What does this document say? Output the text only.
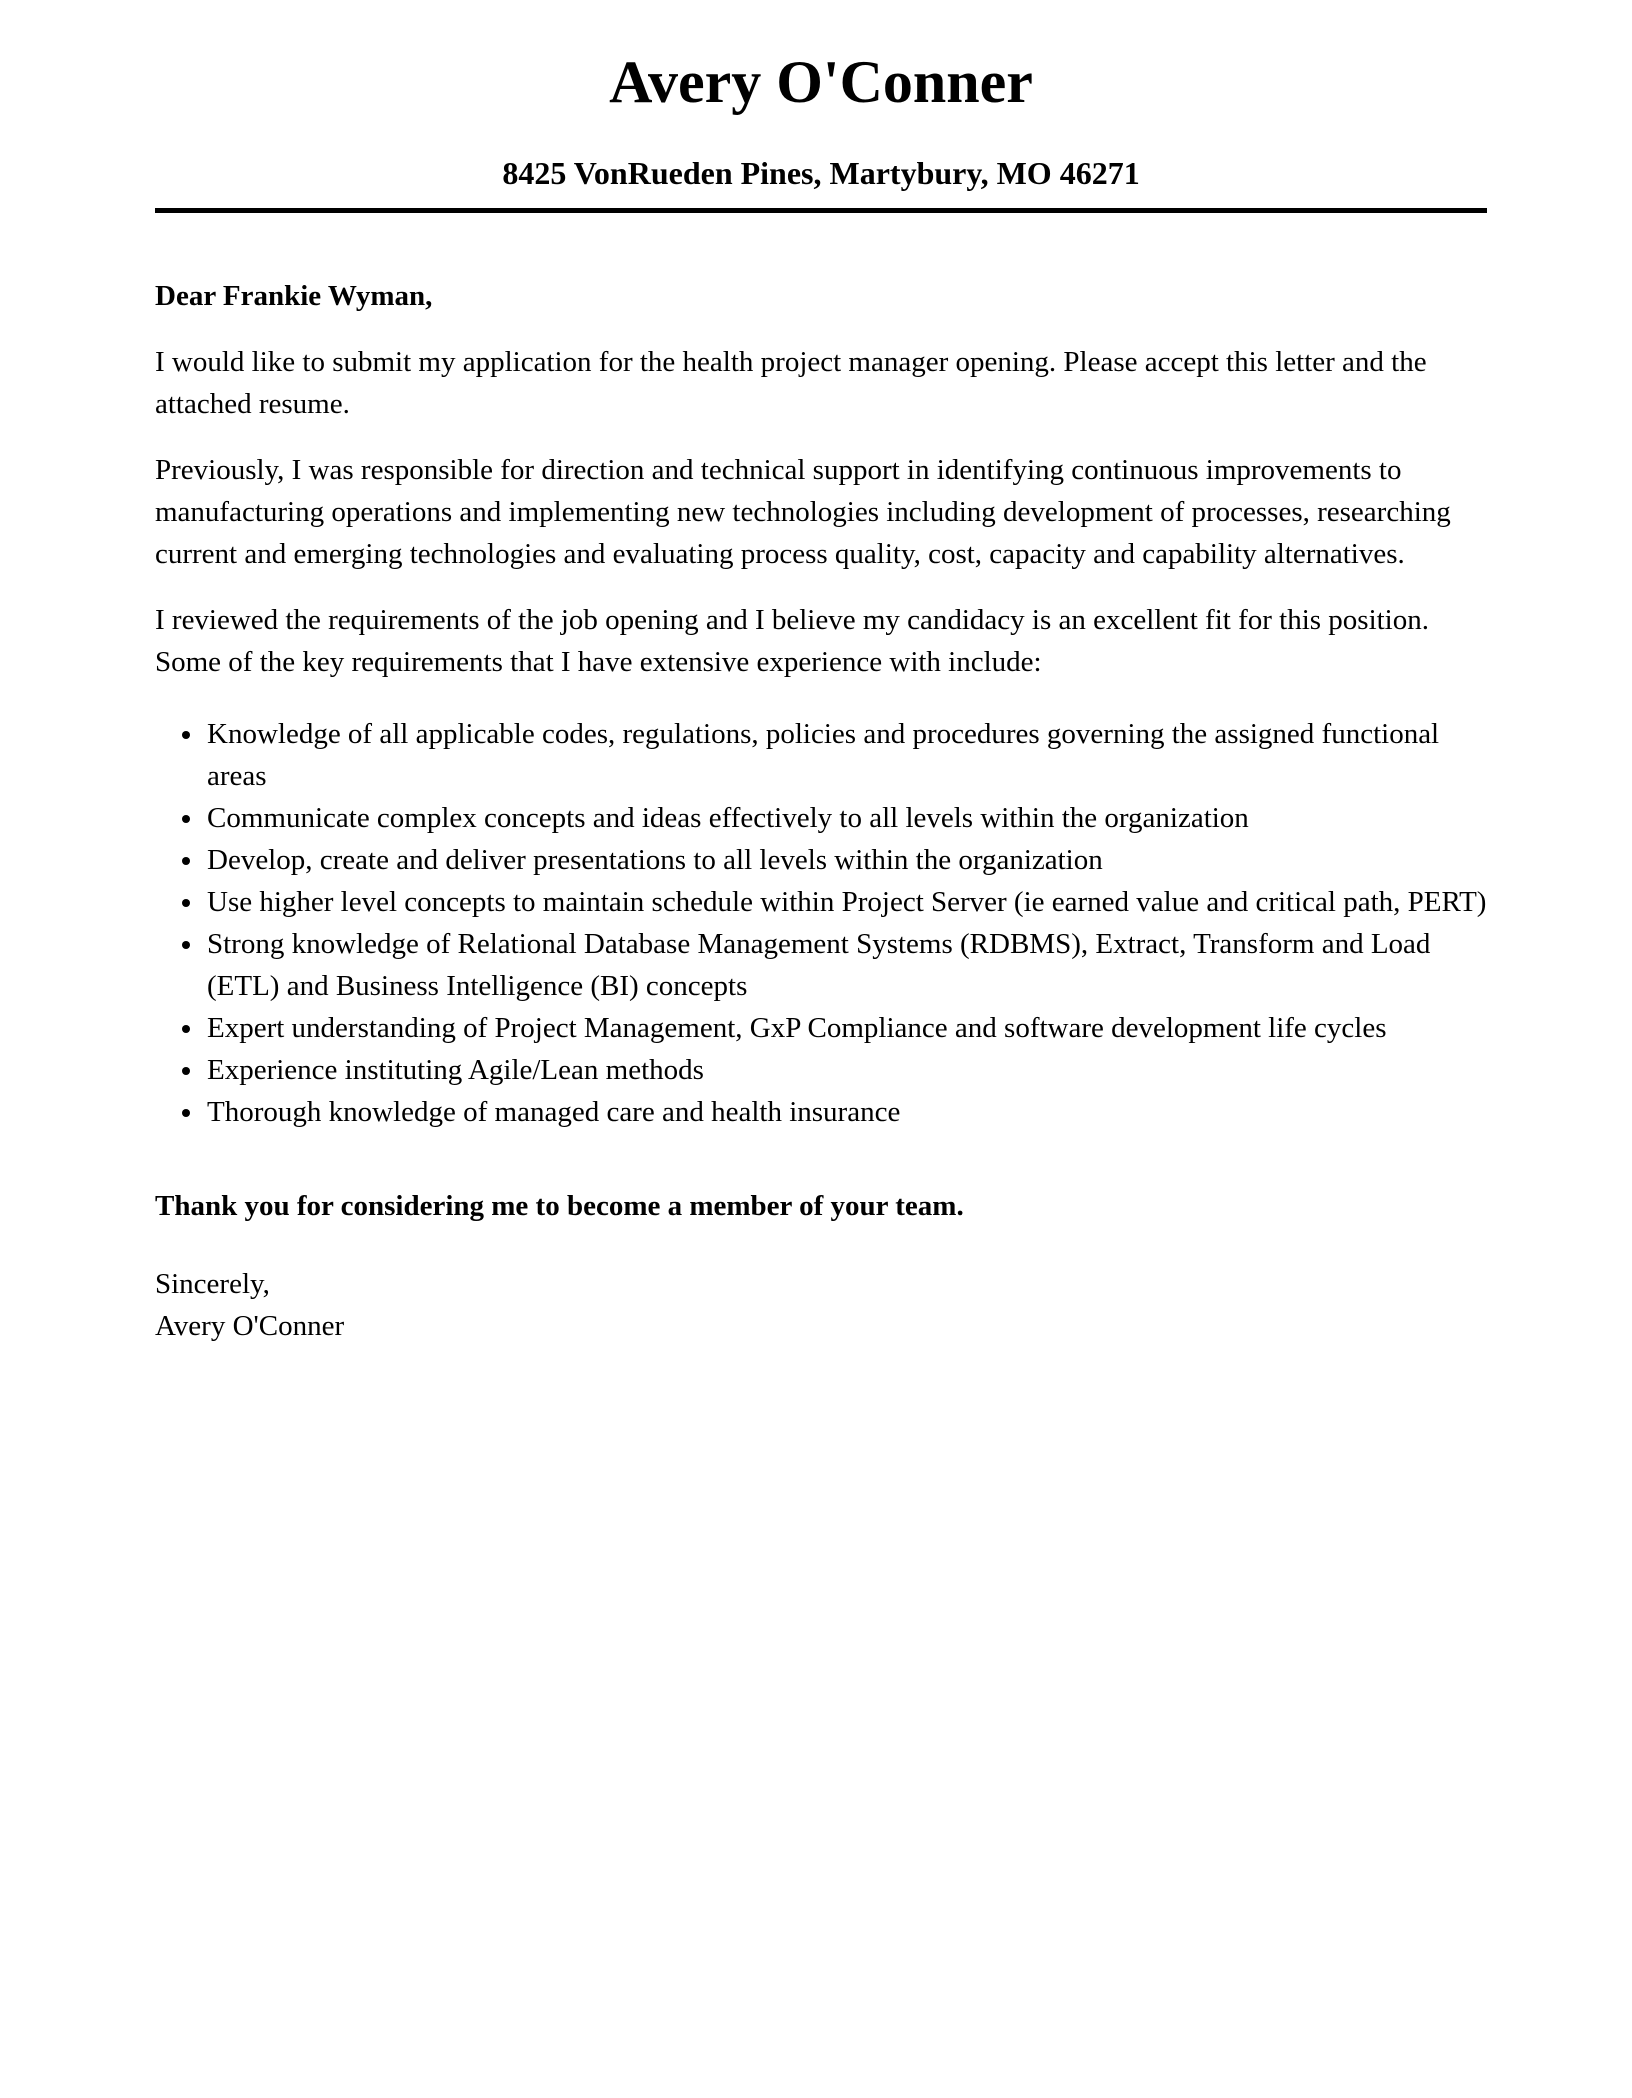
Avery O'Conner
8425 VonRueden Pines, Martybury, MO 46271

Dear Frankie Wyman,

I would like to submit my application for the health project manager opening. Please accept this letter and the attached resume.

Previously, I was responsible for direction and technical support in identifying continuous improvements to manufacturing operations and implementing new technologies including development of processes, researching current and emerging technologies and evaluating process quality, cost, capacity and capability alternatives.

I reviewed the requirements of the job opening and I believe my candidacy is an excellent fit for this position. Some of the key requirements that I have extensive experience with include:

• Knowledge of all applicable codes, regulations, policies and procedures governing the assigned functional areas
• Communicate complex concepts and ideas effectively to all levels within the organization
• Develop, create and deliver presentations to all levels within the organization
• Use higher level concepts to maintain schedule within Project Server (ie earned value and critical path, PERT)
• Strong knowledge of Relational Database Management Systems (RDBMS), Extract, Transform and Load (ETL) and Business Intelligence (BI) concepts
• Expert understanding of Project Management, GxP Compliance and software development life cycles
• Experience instituting Agile/Lean methods
• Thorough knowledge of managed care and health insurance

Thank you for considering me to become a member of your team.

Sincerely,

Avery O'Conner
